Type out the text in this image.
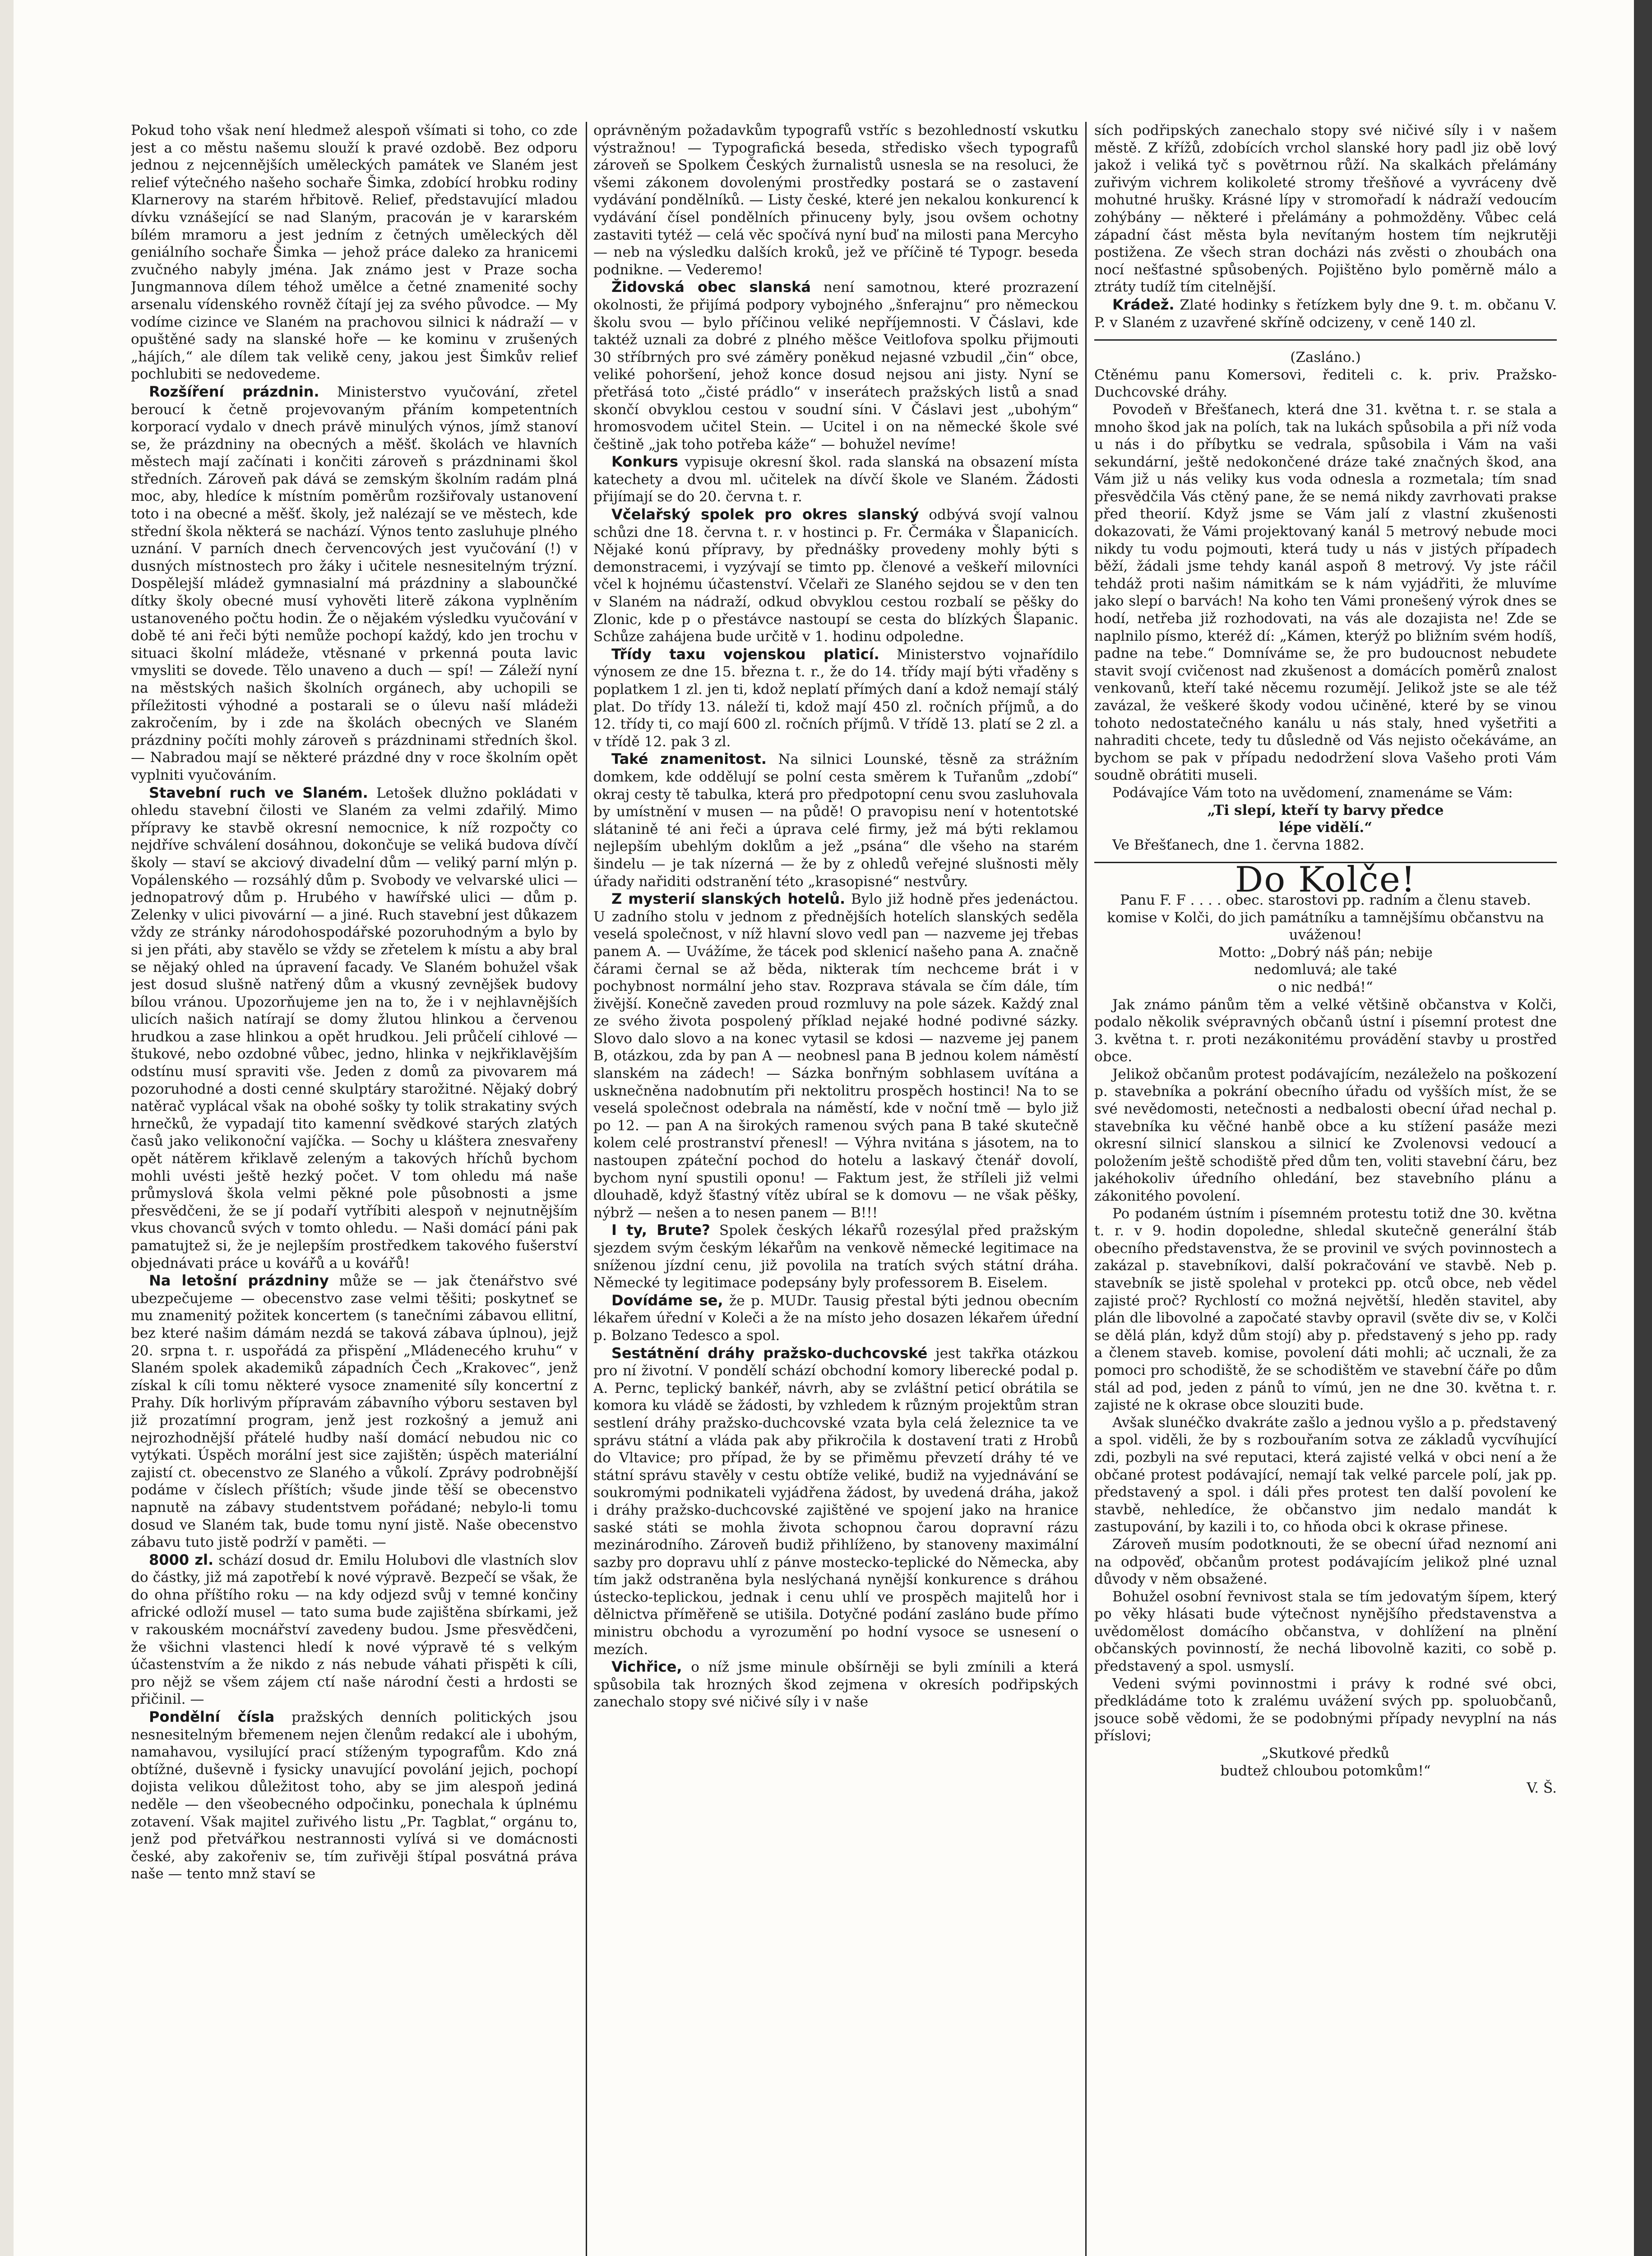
Pokud toho však není hledmež alespoň všímati si toho, co zde jest a co městu našemu slouží k pravé ozdobě. Bez odporu jednou z nejcennějších uměleckých památek ve Slaném jest relief výtečného našeho sochaře Šimka, zdobící hrobku rodiny Klarnerovy na starém hřbitově. Relief, představující mladou dívku vznášející se nad Slaným, pracován je v kararském bílém mramoru a jest jedním z četných uměleckých děl geniálního sochaře Šimka — jehož práce daleko za hranicemi zvučného nabyly jména. Jak známo jest v Praze socha Jungmannova dílem téhož umělce a četné znamenité sochy arsenalu vídenského rovněž čítají jej za svého původce. — My vodíme cizince ve Slaném na prachovou silnici k nádraží — v opuštěné sady na slanské hoře — ke kominu v zrušených „hájích,“ ale dílem tak velikě ceny, jakou jest Šimkův relief pochlubiti se nedovedeme.

Rozšíření prázdnin. Ministerstvo vyučování, zřetel beroucí k četně projevovaným přáním kompetentních korporací vydalo v dnech právě minulých výnos, jímž stanoví se, že prázdniny na obecných a měšť. školách ve hlavních městech mají začínati i končiti zároveň s prázdninami škol středních. Zároveň pak dává se zemským školním radám plná moc, aby, hledíce k místním poměrům rozšiřovaly ustanovení toto i na obecné a měšť. školy, jež nalézají se ve městech, kde střední škola některá se nachází. Výnos tento zasluhuje plného uznání. V parních dnech červencových jest vyučování (!) v dusných místnostech pro žáky i učitele nesnesitelným trýzní. Dospělejší mládež gymnasialní má prázdniny a slabounčké dítky školy obecné musí vyhověti literě zákona vyplněním ustanoveného počtu hodin. Že o nějakém výsledku vyučování v době té ani řeči býti nemůže pochopí každý, kdo jen trochu v situaci školní mládeže, vtěsnané v prkenná pouta lavic vmysliti se dovede. Tělo unaveno a duch — spí! — Záleží nyní na městských našich školních orgánech, aby uchopili se příležitosti výhodné a postarali se o úlevu naší mládeži zakročením, by i zde na školách obecných ve Slaném prázdniny počíti mohly zároveň s prázdninami středních škol. — Nabradou mají se některé prázdné dny v roce školním opět vyplniti vyučováním.

Stavební ruch ve Slaném. Letošek dlužno pokládati v ohledu stavební čilosti ve Slaném za velmi zdařilý. Mimo přípravy ke stavbě okresní nemocnice, k níž rozpočty co nejdříve schválení dosáhnou, dokončuje se veliká budova dívčí školy — staví se akciový divadelní dům — veliký parní mlýn p. Vopálenského — rozsáhlý dům p. Svobody ve velvarské ulici — jednopatrový dům p. Hrubého v hawířské ulici — dům p. Zelenky v ulici pivovární — a jiné. Ruch stavební jest důkazem vždy ze stránky národohospodářské pozoruhodným a bylo by si jen přáti, aby stavělo se vždy se zřetelem k místu a aby bral se nějaký ohled na úpravení facady. Ve Slaném bohužel však jest dosud slušně natřený dům a vkusný zevnějšek budovy bílou vránou. Upozorňujeme jen na to, že i v nejhlavnějších ulicích našich natírají se domy žlutou hlinkou a červenou hrudkou a zase hlinkou a opět hrudkou. Jeli průčelí cihlové — štukové, nebo ozdobné vůbec, jedno, hlinka v nejkřiklavějším odstínu musí spraviti vše. Jeden z domů za pivovarem má pozoruhodné a dosti cenné skulptáry starožitné. Nějaký dobrý natěrač vyplácal však na obohé sošky ty tolik strakatiny svých hrnečků, že vypadají tito kamenní svědkové starých zlatých časů jako velikonoční vajíčka. — Sochy u kláštera znesvařeny opět nátěrem křiklavě zeleným a takových hříchů bychom mohli uvésti ještě hezký počet. V tom ohledu má naše průmyslová škola velmi pěkné pole působnosti a jsme přesvědčeni, že se jí podaří vytříbiti alespoň v nejnutnějším vkus chovanců svých v tomto ohledu. — Naši domácí páni pak pamatujtež si, že je nejlepším prostředkem takového fušerství objednávati práce u kovářů a u kovářů!

Na letošní prázdniny může se — jak čtenářstvo své ubezpečujeme — obecenstvo zase velmi těšiti; poskytneť se mu znamenitý požitek koncertem (s tanečními zábavou ellitní, bez které našim dámám nezdá se taková zábava úplnou), jejž 20. srpna t. r. uspořádá za přispění „Mládenecého kruhu“ v Slaném spolek akademiků západních Čech „Krakovec“, jenž získal k cíli tomu některé vysoce znamenité síly koncertní z Prahy. Dík horlivým přípravám zábavního výboru sestaven byl již prozatímní program, jenž jest rozkošný a jemuž ani nejrozhodnější přátelé hudby naší domácí nebudou nic co vytýkati. Úspěch morální jest sice zajištěn; úspěch materiální zajistí ct. obecenstvo ze Slaného a vůkolí. Zprávy podrobnější podáme v číslech příštích; všude jinde těší se obecenstvo napnutě na zábavy studentstvem pořádané; nebylo-li tomu dosud ve Slaném tak, bude tomu nyní jistě. Naše obecenstvo zábavu tuto jistě podrží v paměti. —

8000 zl. schází dosud dr. Emilu Holubovi dle vlastních slov do částky, již má zapotřebí k nové výpravě. Bezpečí se však, že do ohna příštího roku — na kdy odjezd svůj v temné končiny africké odloží musel — tato suma bude zajištěna sbírkami, jež v rakouském mocnářství zavedeny budou. Jsme přesvědčeni, že všichni vlastenci hledí k nové výpravě té s velkým účastenstvím a že nikdo z nás nebude váhati přispěti k cíli, pro nějž se všem zájem ctí naše národní česti a hrdosti se přičinil. —

Pondělní čísla pražských denních politických jsou nesnesitelným břemenem nejen členům redakcí ale i ubohým, namahavou, vysilující prací stíženým typografům. Kdo zná obtížné, duševně i fysicky unavující povolání jejich, pochopí dojista velikou důležitost toho, aby se jim alespoň jediná neděle — den všeobecného odpočinku, ponechala k úplnému zotavení. Však majitel zuřivého listu „Pr. Tagblat,“ orgánu to, jenž pod přetvářkou nestrannosti vylívá si ve domácnosti české, aby zakořeniv se, tím zuřivěji štípal posvátná práva naše — tento mnž staví se

oprávněným požadavkům typografů vstříc s bezohledností vskutku výstražnou! — Typografická beseda, středisko všech typografů zároveň se Spolkem Českých žurnalistů usnesla se na resoluci, že všemi zákonem dovolenými prostředky postará se o zastavení vydávání pondělníků. — Listy české, které jen nekalou konkurencí k vydávání čísel pondělních přinuceny byly, jsou ovšem ochotny zastaviti tytéž — celá věc spočívá nyní buď na milosti pana Mercyho — neb na výsledku dalších kroků, jež ve příčině té Typogr. beseda podnikne. — Vederemo!

Židovská obec slanská není samotnou, které prozrazení okolnosti, že přijímá podpory vybojného „šnferajnu“ pro německou školu svou — bylo příčinou veliké nepříjemnosti. V Čáslavi, kde taktéž uznali za dobré z plného měšce Veitlofova spolku přijmouti 30 stříbrných pro své záměry poněkud nejasné vzbudil „čin“ obce, veliké pohoršení, jehož konce dosud nejsou ani jisty. Nyní se přetřásá toto „čisté prádlo“ v inserátech pražských listů a snad skončí obvyklou cestou v soudní síni. V Čáslavi jest „ubohým“ hromosvodem učitel Stein. — Ucitel i on na německé škole své češtině „jak toho potřeba káže“ — bohužel nevíme!

Konkurs vypisuje okresní škol. rada slanská na obsazení místa katechety a dvou ml. učitelek na dívčí škole ve Slaném. Žádosti přijímají se do 20. června t. r.

Včelařský spolek pro okres slanský odbývá svojí valnou schůzi dne 18. června t. r. v hostinci p. Fr. Čermáka v Šlapanicích. Nějaké konú přípravy, by přednášky provedeny mohly býti s demonstracemi, i vyzývají se timto pp. členové a veškeří milovníci včel k hojnému účastenství. Včelaři ze Slaného sejdou se v den ten v Slaném na nádraží, odkud obvyklou cestou rozbalí se pěšky do Zlonic, kde p o přestávce nastoupí se cesta do blízkých Šlapanic. Schůze zahájena bude určitě v 1. hodinu odpoledne.

Třídy taxu vojenskou platicí. Ministerstvo vojnařídilo výnosem ze dne 15. března t. r., že do 14. třídy mají býti vřaděny s poplatkem 1 zl. jen ti, kdož neplatí přímých daní a kdož nemají stálý plat. Do třídy 13. náleží ti, kdož mají 450 zl. ročních příjmů, a do 12. třídy ti, co mají 600 zl. ročních příjmů. V třídě 13. platí se 2 zl. a v třídě 12. pak 3 zl.

Také znamenitost. Na silnici Lounské, těsně za strážním domkem, kde oddělují se polní cesta směrem k Tuřanům „zdobí“ okraj cesty tě tabulka, která pro předpotopní cenu svou zasluhovala by umístnění v musen — na půdě! O pravopisu není v hotentotské slátanině té ani řeči a úprava celé firmy, jež má býti reklamou nejlepším ubehlým doklům a jež „psána“ dle všeho na starém šindelu — je tak nízerná — že by z ohledů veřejné slušnosti měly úřady nařiditi odstranění této „krasopisné“ nestvůry.

Z mysterií slanských hotelů. Bylo již hodně přes jedenáctou. U zadního stolu v jednom z přednějších hotelích slanských seděla veselá společnost, v níž hlavní slovo vedl pan — nazveme jej třebas panem A. — Uvážíme, že tácek pod sklenicí našeho pana A. značně čárami černal se až běda, nikterak tím nechceme brát i v pochybnost normální jeho stav. Rozprava stávala se čím dále, tím živější. Konečně zaveden proud rozmluvy na pole sázek. Každý znal ze svého života pospolený příklad nejaké hodné podivné sázky. Slovo dalo slovo a na konec vytasil se kdosi — nazveme jej panem B, otázkou, zda by pan A — neobnesl pana B jednou kolem náměstí slanském na zádech! — Sázka bonřným sobhlasem uvítána a usknečněna nadobnutím při nektolitru prospěch hostinci! Na to se veselá společnost odebrala na náměstí, kde v noční tmě — bylo již po 12. — pan A na širokých ramenou svých pana B také skutečně kolem celé prostranství přenesl! — Výhra nvitána s jásotem, na to nastoupen zpáteční pochod do hotelu a laskavý čtenář dovolí, bychom nyní spustili oponu! — Faktum jest, že stříleli již velmi dlouhadě, když šťastný vítěz ubíral se k domovu — ne však pěšky, nýbrž — nešen a to nesen panem — B!!!

I ty, Brute? Spolek českých lékařů rozesýlal před pražským sjezdem svým českým lékařům na venkově německé legitimace na sníženou jízdní cenu, již povolila na tratích svých státní dráha. Německé ty legitimace podepsány byly professorem B. Eiselem.

Dovídáme se, že p. MUDr. Tausig přestal býti jednou obecním lékařem úřední v Koleči a že na místo jeho dosazen lékařem úřední p. Bolzano Tedesco a spol.

Sestátnění dráhy pražsko-duchcovské jest takřka otázkou pro ní životní. V pondělí schází obchodní komory liberecké podal p. A. Pernc, teplický bankéř, návrh, aby se zvláštní peticí obrátila se komora ku vládě se žádosti, by vzhledem k různým projektům stran sestlení dráhy pražsko-duchcovské vzata byla celá železnice ta ve správu státní a vláda pak aby přikročila k dostavení trati z Hrobů do Vltavice; pro případ, že by se přiměmu převzetí dráhy té ve státní správu stavěly v cestu obtíže veliké, budiž na vyjednávání se soukromými podnikateli vyjádřena žádost, by uvedená dráha, jakož i dráhy pražsko-duchcovské zajištěné ve spojení jako na hranice saské státi se mohla života schopnou čarou dopravní rázu mezinárodního. Zároveň budiž přihlíženo, by stanoveny maximální sazby pro dopravu uhlí z pánve mostecko-teplické do Německa, aby tím jakž odstraněna byla neslýchaná nynější konkurence s dráhou ústecko-teplickou, jednak i cenu uhlí ve prospěch majitelů hor i dělnictva příměřeně se utišila. Dotyčné podání zasláno bude přímo ministru obchodu a vyrozumění po hodní vysoce se usnesení o mezích.

Vichřice, o níž jsme minule obšírněji se byli zmínili a která spůsobila tak hrozných škod zejmena v okresích podřipských zanechalo stopy své ničivé síly i v naše

sích podřipských zanechalo stopy své ničivé síly i v našem městě. Z křížů, zdobících vrchol slanské hory padl jiz obě lový jakož i veliká tyč s povětrnou růží. Na skalkách přelámány zuřivým vichrem kolikoleté stromy třešňové a vyvráceny dvě mohutné hrušky. Krásné lípy v stromořadí k nádraží vedoucím zohýbány — některé i přelámány a pohmožděny. Vůbec celá západní část města byla nevítaným hostem tím nejkrutěji postižena. Ze všech stran docházi nás zvěsti o zhoubách ona nocí nešťastné spůsobených. Pojištěno bylo poměrně málo a ztráty tudíž tím citelnější.

Krádež. Zlaté hodinky s řetízkem byly dne 9. t. m. občanu V. P. v Slaném z uzavřené skříně odcizeny, v ceně 140 zl.

(Zasláno.)

Ctěnému panu Komersovi, řediteli c. k. priv. Pražsko-Duchcovské dráhy.

Povodeň v Břešťanech, která dne 31. května t. r. se stala a mnoho škod jak na polích, tak na lukách spůsobila a při níž voda u nás i do příbytku se vedrala, spůsobila i Vám na vaši sekundární, ještě nedokončené dráze také značných škod, ana Vám již u nás veliky kus voda odnesla a rozmetala; tím snad přesvědčila Vás ctěný pane, že se nemá nikdy zavrhovati prakse před theorií. Když jsme se Vám jalí z vlastní zkušenosti dokazovati, že Vámi projektovaný kanál 5 metrový nebude moci nikdy tu vodu pojmouti, která tudy u nás v jistých případech běží, žádali jsme tehdy kanál aspoň 8 metrový. Vy jste ráčil tehdáž proti našim námitkám se k nám vyjádřiti, že mluvíme jako slepí o barvách! Na koho ten Vámi pronešený výrok dnes se hodí, netřeba již rozhodovati, na vás ale dozajista ne! Zde se naplnilo písmo, kteréž dí: „Kámen, kterýž po bližním svém hodíš, padne na tebe.“ Domníváme se, že pro budoucnost nebudete stavit svojí cvičenost nad zkušenost a domácích poměrů znalost venkovanů, kteří také něcemu rozumějí. Jelikož jste se ale též zavázal, že veškeré škody vodou učiněné, které by se vinou tohoto nedostatečného kanálu u nás staly, hned vyšetřiti a nahraditi chcete, tedy tu důsledně od Vás nejisto očekáváme, an bychom se pak v případu nedodržení slova Vašeho proti Vám soudně obrátiti museli.

Podávajíce Vám toto na uvědomení, znamenáme se Vám:

„Ti slepí, kteří ty barvy předce

lépe vidělí.“

Ve Břešťanech, dne 1. června 1882.

Do Kolče!

Panu F. F . . . . obec. starostovi pp. radním a členu staveb. komise v Kolči, do jich památníku a tamnějšímu občanstvu na uváženou!

Motto: „Dobrý náš pán; nebije

nedomluvá; ale také

o nic nedbá!“

Jak známo pánům těm a velké většině občanstva v Kolči, podalo několik svépravných občanů ústní i písemní protest dne 3. května t. r. proti nezákonitému provádění stavby u prostřed obce.

Jelikož občanům protest podávajícím, nezáleželo na poškození p. stavebníka a pokrání obecního úřadu od vyšších míst, že se své nevědomosti, netečnosti a nedbalosti obecní úřad nechal p. stavebníka ku věčné hanbě obce a ku stížení pasáže mezi okresní silnicí slanskou a silnicí ke Zvolenovsi vedoucí a položením ještě schodiště před dům ten, voliti stavební čáru, bez jakéhokoliv úředního ohledání, bez stavebního plánu a zákonitého povolení.

Po podaném ústním i písemném protestu totiž dne 30. května t. r. v 9. hodin dopoledne, shledal skutečně generální štáb obecního představenstva, že se provinil ve svých povinnostech a zakázal p. stavebníkovi, další pokračování ve stavbě. Neb p. stavebník se jistě spolehal v protekci pp. otců obce, neb vědel zajisté proč? Rychlostí co možná největší, hleděn stavitel, aby plán dle libovolné a započaté stavby opravil (světe div se, v Kolči se dělá plán, když dům stojí) aby p. představený s jeho pp. rady a členem staveb. komise, povolení dáti mohli; ač ucznali, že za pomoci pro schodiště, že se schodištěm ve stavební čáře po dům stál ad pod, jeden z pánů to vímú, jen ne dne 30. května t. r. zajisté ne k okrase obce slouziti bude.

Avšak slunéčko dvakráte zašlo a jednou vyšlo a p. představený a spol. viděli, že by s rozbouřaním sotva ze základů vycvíhující zdi, pozbyli na své reputaci, která zajisté velká v obci není a že občané protest podávající, nemají tak velké parcele polí, jak pp. představený a spol. i dáli přes protest ten další povolení ke stavbě, nehledíce, že občanstvo jim nedalo mandát k zastupování, by kazili i to, co hňoda obci k okrase přinese.

Zároveň musím podotknouti, že se obecní úřad neznomí ani na odpověď, občanům protest podávajícím jelikož plné uznal důvody v něm obsažené.

Bohužel osobní řevnivost stala se tím jedovatým šípem, který po věky hlásati bude výtečnost nynějšího představenstva a uvědomělost domácího občanstva, v dohlížení na plnění občanských povinností, že nechá libovolně kaziti, co sobě p. představený a spol. usmyslí.

Vedeni svými povinnostmi i právy k rodné své obci, předkládáme toto k zralému uvážení svých pp. spoluobčanů, jsouce sobě vědomi, že se podobnými případy nevyplní na nás příslovi;

„Skutkové předků

budtež chloubou potomkům!“

V. Š.
